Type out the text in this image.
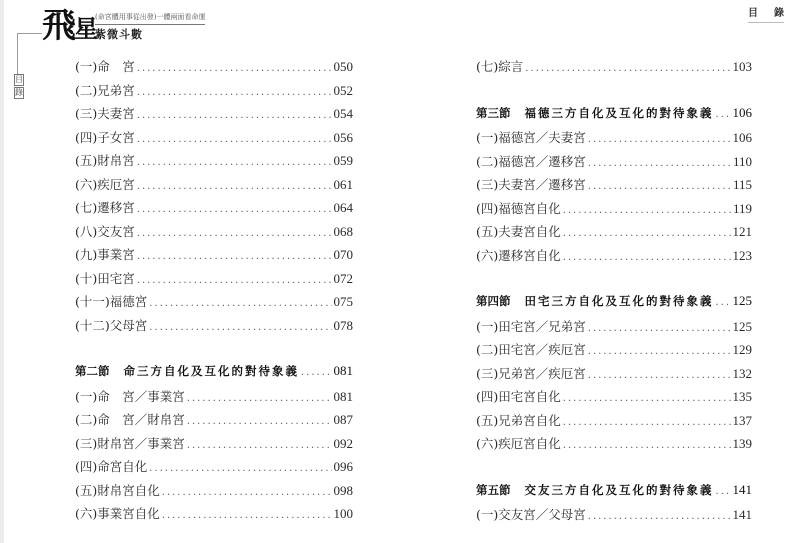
目
錄
飛星 (命宮體用事從出發)一體兩面看命運
紫微斗數
目 錄
(一)命　宮 .....	050
(二)兄弟宮 .....	052
(三)夫妻宮 .....	054
(四)子女宮 .....	056
(五)財帛宮 .....	059
(六)疾厄宮 .....	061
(七)遷移宮 .....	064
(八)交友宮 .....	068
(九)事業宮 .....	070
(十)田宅宮 .....	072
(十一)福德宮 .....	075
(十二)父母宮 .....	078
第二節 命三方自化及互化的對待象義 .....	081
(一)命　宮／事業宮 .....	081
(二)命　宮／財帛宮 .....	087
(三)財帛宮／事業宮 .....	092
(四)命宮自化 .....	096
(五)財帛宮自化 .....	098
(六)事業宮自化 .....	100
(七)綜言 .....	103
第三節 福德三方自化及互化的對待象義 ..... 106
(一)福德宮／夫妻宮 .....	106
(二)福德宮／遷移宮 .....	110
(三)夫妻宮／遷移宮 .....	115
(四)福德宮自化 .....	119
(五)夫妻宮自化 .....	121
(六)遷移宮自化 .....	123
第四節 田宅三方自化及互化的對待象義 ..... 125
(一)田宅宮／兄弟宮 .....	125
(二)田宅宮／疾厄宮 .....	129
(三)兄弟宮／疾厄宮 .....	132
(四)田宅宮自化 .....	135
(五)兄弟宮自化 .....	137
(六)疾厄宮自化 .....	139
第五節 交友三方自化及互化的對待象義 ..... 141
(一)交友宮／父母宮 .....	141
